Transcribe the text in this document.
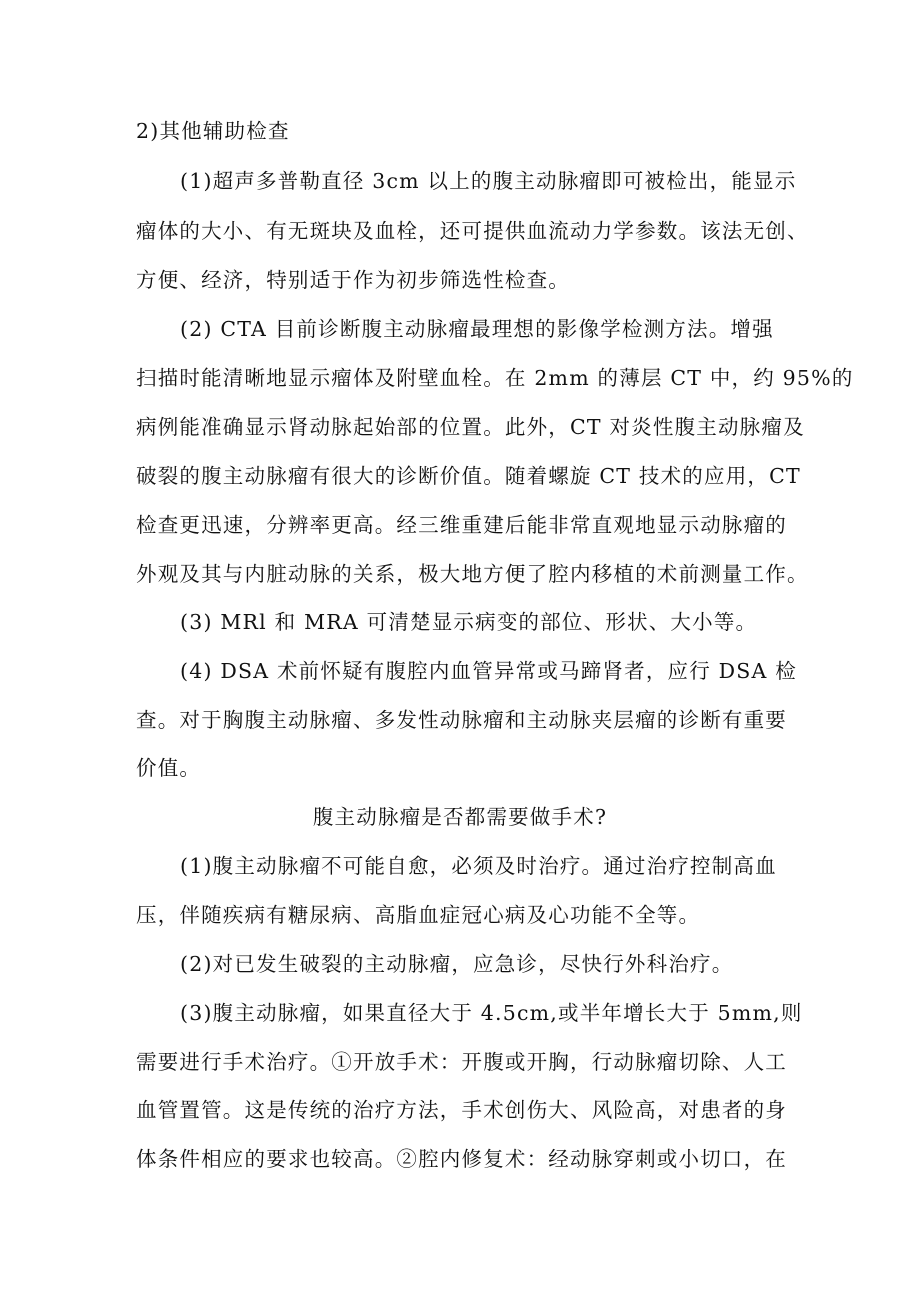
2)其他辅助检查
(1)超声多普勒直径 3cm 以上的腹主动脉瘤即可被检出，能显示
瘤体的大小、有无斑块及血栓，还可提供血流动力学参数。该法无创、
方便、经济，特别适于作为初步筛选性检查。
(2) CTA 目前诊断腹主动脉瘤最理想的影像学检测方法。增强
扫描时能清晰地显示瘤体及附壁血栓。在 2mm 的薄层 CT 中，约 95%的
病例能准确显示肾动脉起始部的位置。此外，CT 对炎性腹主动脉瘤及
破裂的腹主动脉瘤有很大的诊断价值。随着螺旋 CT 技术的应用，CT
检查更迅速，分辨率更高。经三维重建后能非常直观地显示动脉瘤的
外观及其与内脏动脉的关系，极大地方便了腔内移植的术前测量工作。
(3) MRl 和 MRA 可清楚显示病变的部位、形状、大小等。
(4) DSA 术前怀疑有腹腔内血管异常或马蹄肾者，应行 DSA 检
查。对于胸腹主动脉瘤、多发性动脉瘤和主动脉夹层瘤的诊断有重要
价值。
腹主动脉瘤是否都需要做手术?
(1)腹主动脉瘤不可能自愈，必须及时治疗。通过治疗控制高血
压，伴随疾病有糖尿病、高脂血症冠心病及心功能不全等。
(2)对已发生破裂的主动脉瘤，应急诊，尽快行外科治疗。
(3)腹主动脉瘤，如果直径大于 4.5cm,或半年增长大于 5mm,则
需要进行手术治疗。①开放手术：开腹或开胸，行动脉瘤切除、人工
血管置管。这是传统的治疗方法，手术创伤大、风险高，对患者的身
体条件相应的要求也较高。②腔内修复术：经动脉穿刺或小切口，在
